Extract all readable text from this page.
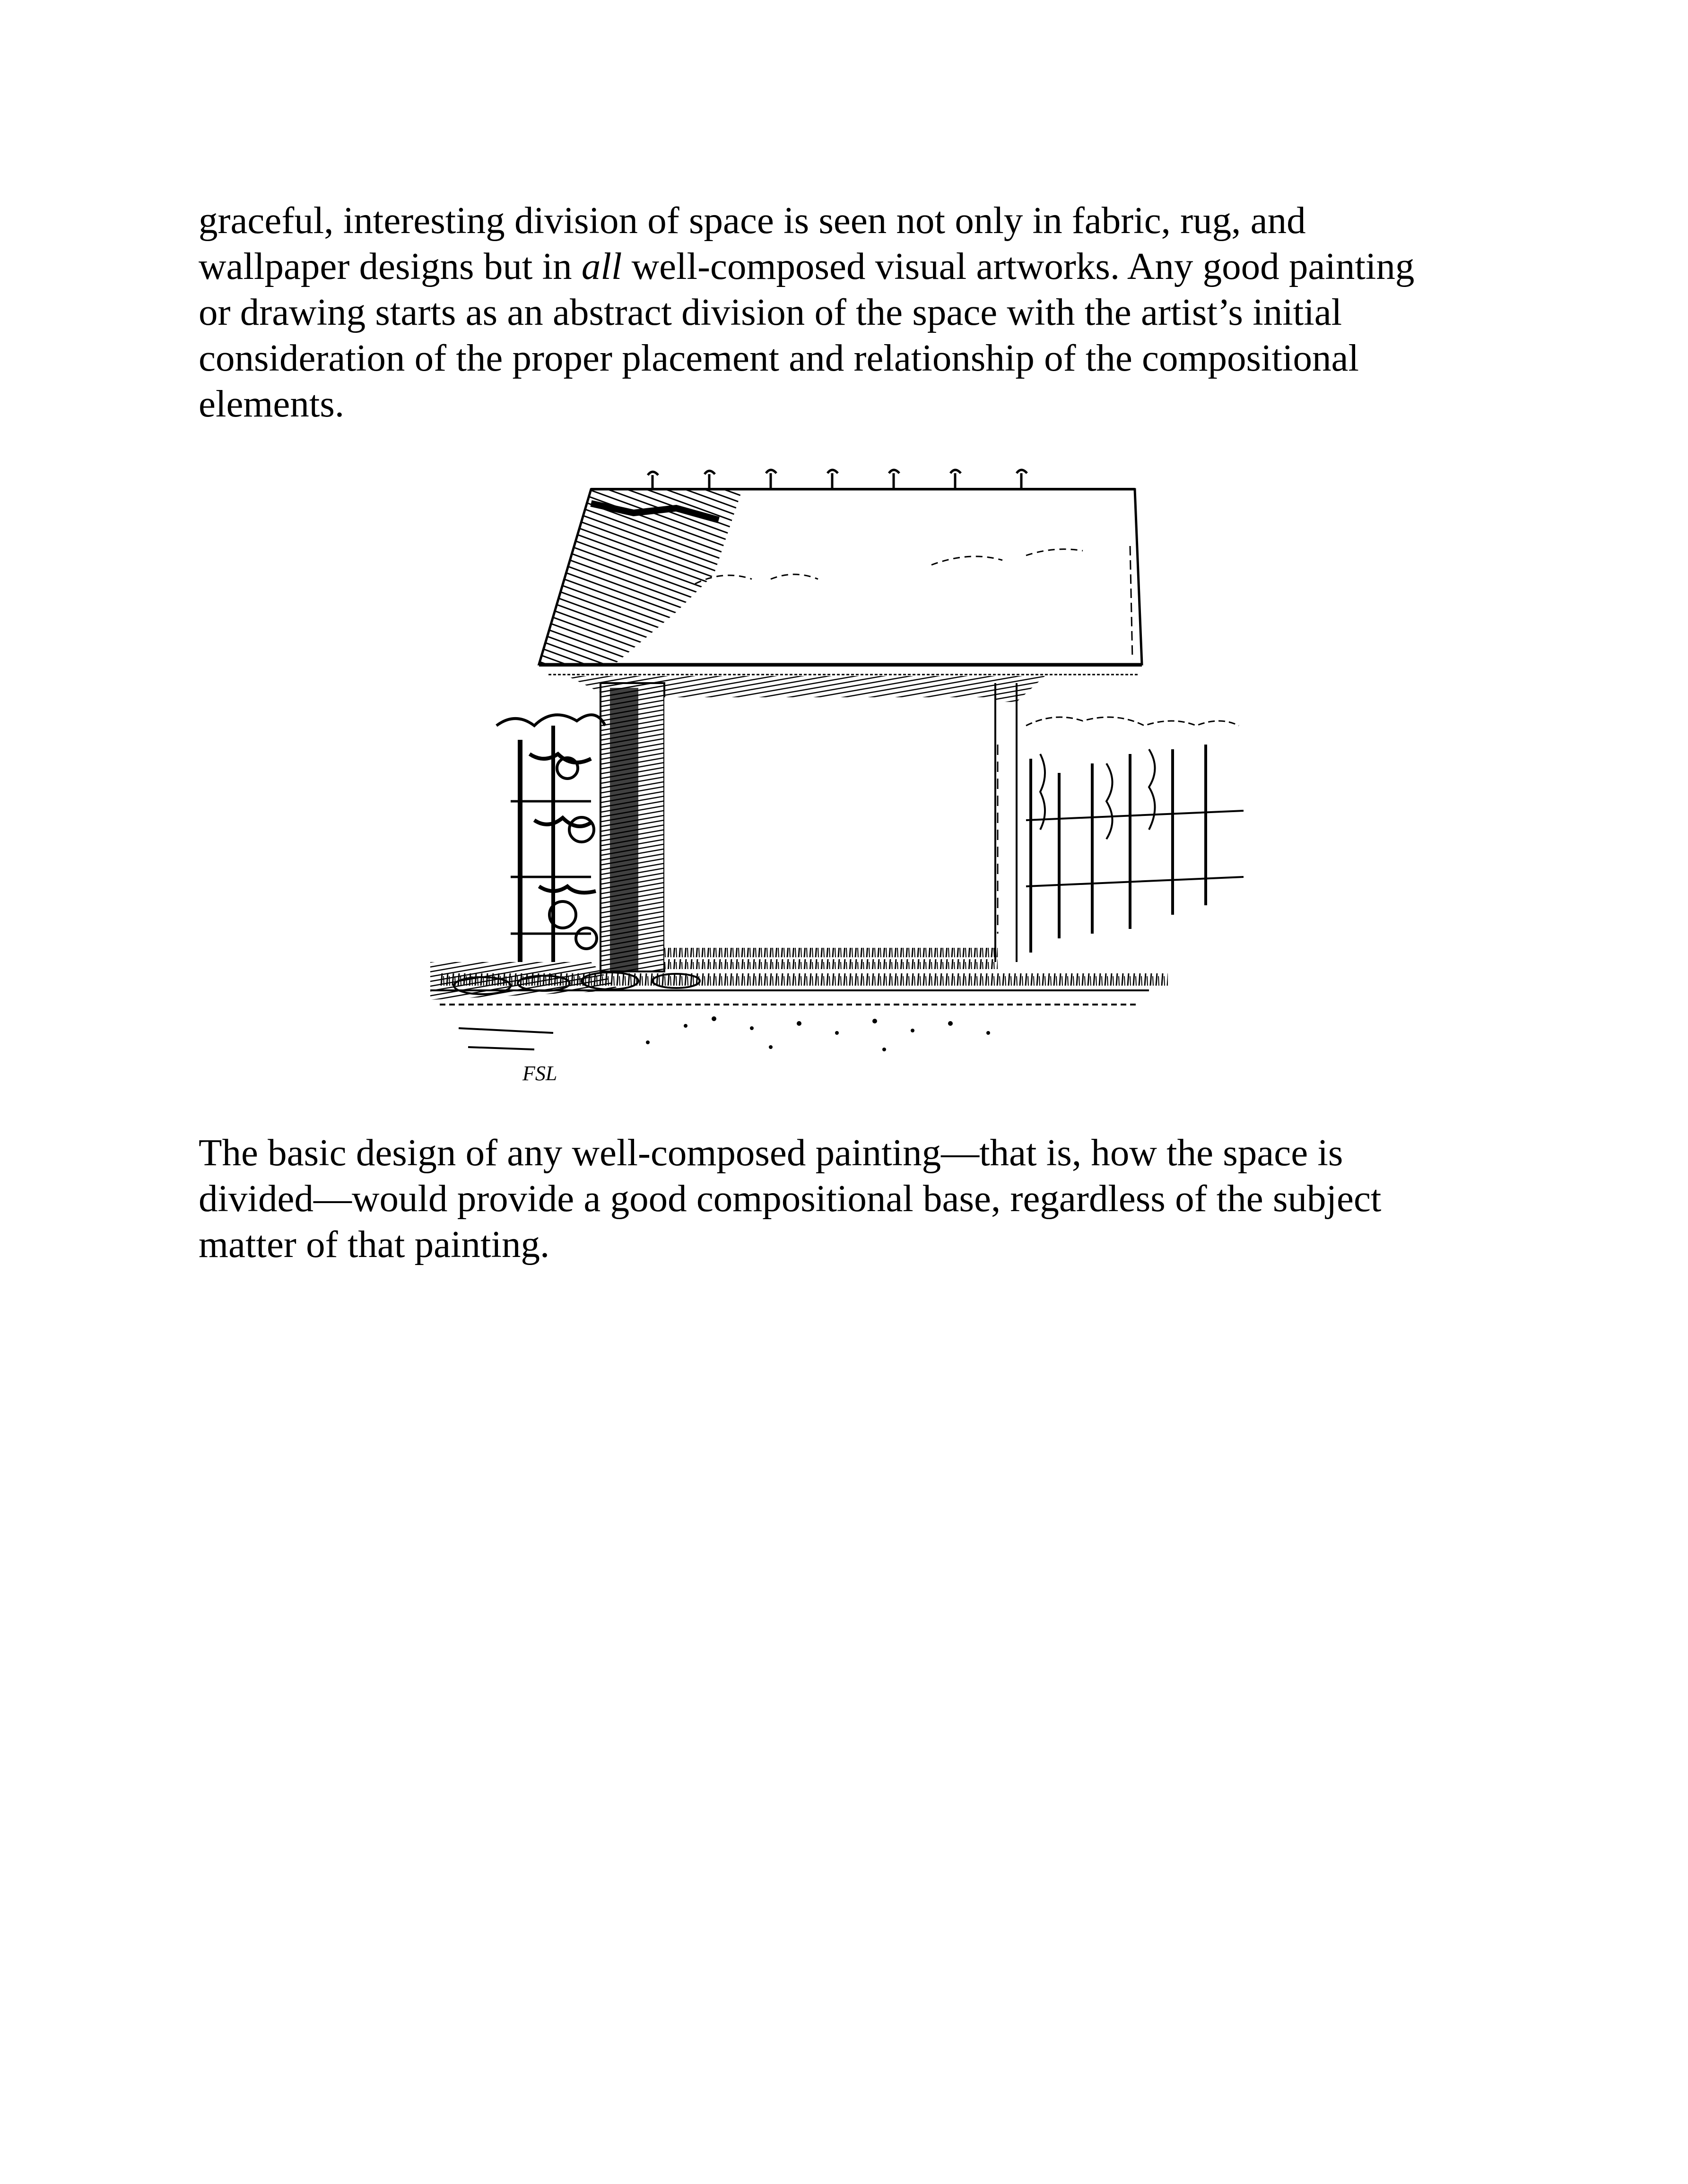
graceful, interesting division of space is seen not only in fabric, rug, and
wallpaper designs but in all well-composed visual artworks. Any good painting
or drawing starts as an abstract division of the space with the artist’s initial
consideration of the proper placement and relationship of the compositional
elements.

FSL

The basic design of any well-composed painting—that is, how the space is
divided—would provide a good compositional base, regardless of the subject
matter of that painting.
